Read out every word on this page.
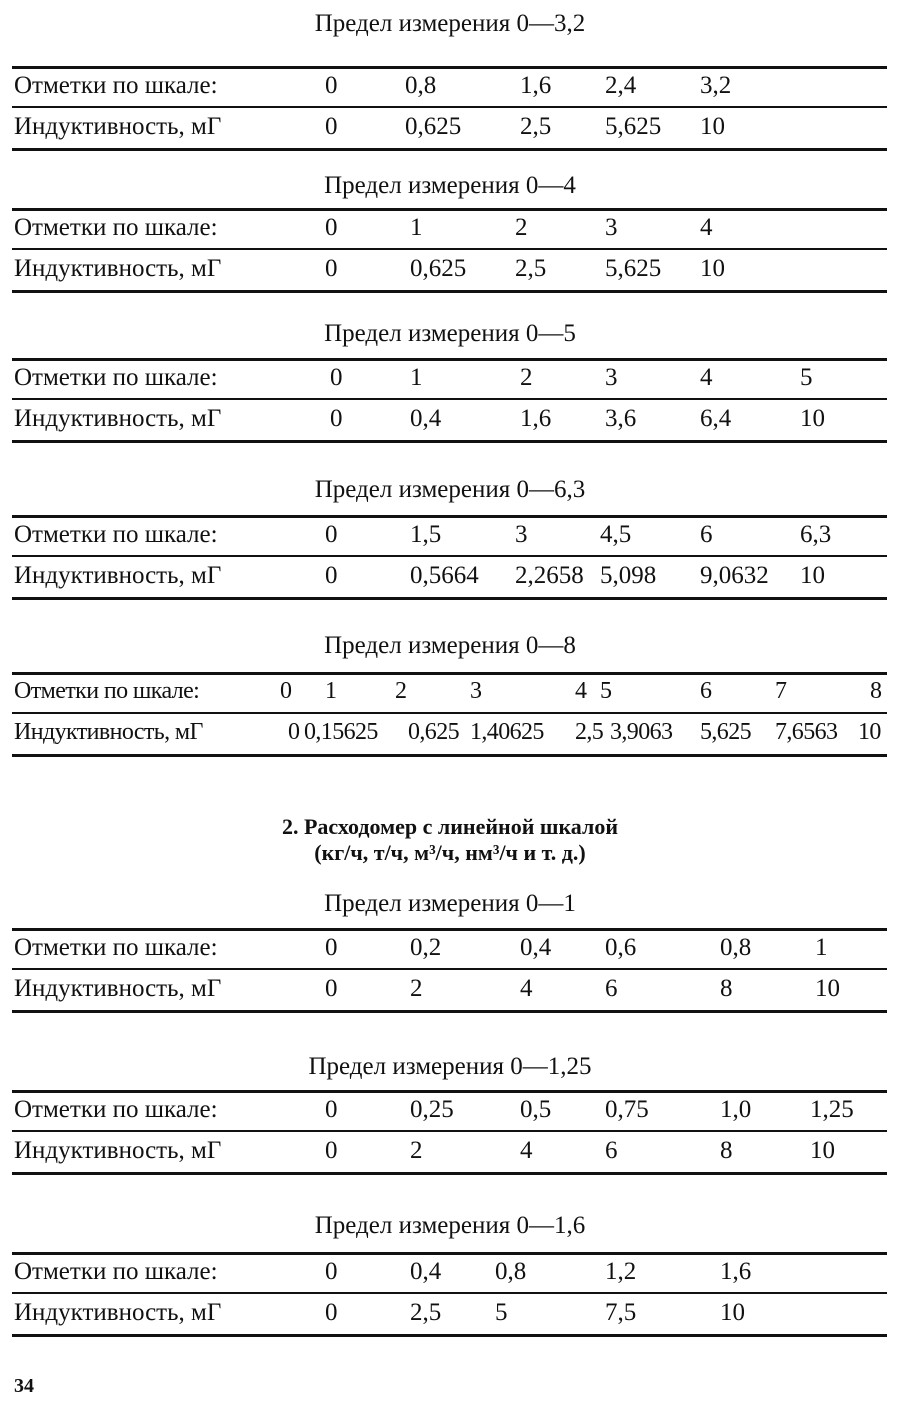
Предел измерения 0—3,2
Отметки по шкале:	0	0,8	1,6 2,4	3,2
Индуктивность, мГ	0	0,625 2,5 5,625 10
Предел измерения 0—4
Отметки по шкале:	0	1	2	3	4
Индуктивность, мГ	0	0,625 2,5 5,625 10
Предел измерения 0—5
Отметки по шкале:	0	1	2	3	4	5
Индуктивность, мГ	0	0,4	1,6 3,6	6,4	10
Предел измерения 0—6,3
Отметки по шкале:	0	1,5	3	4,5	6	6,3
Индуктивность, мГ	0	0,5664 2,2658 5,098 9,0632 10
Предел измерения 0—8
Отметки по шкале:	0 1 2	3	4 5	6	7	8
Индуктивность, мГ	0 0,15625 0,625 1,40625 2,5 3,9063 5,625 7,6563 10
Предел измерения 0—1
Отметки по шкале:	0	0,2	0,4 0,6	0,8	1
Индуктивность, мГ	0	2	4	6	8	10
Предел измерения 0—1,25
Отметки по шкале:	0	0,25	0,5 0,75	1,0 1,25
Индуктивность, мГ	0	2	4	6	8	10
Предел измерения 0—1,6
Отметки по шкале:	0	0,4 0,8	1,2	1,6
Индуктивность, мГ	0	2,5 5	7,5	10
2. Расходомер с линейной шкалой
(кг/ч, т/ч, м³/ч, нм³/ч и т. д.)
34
